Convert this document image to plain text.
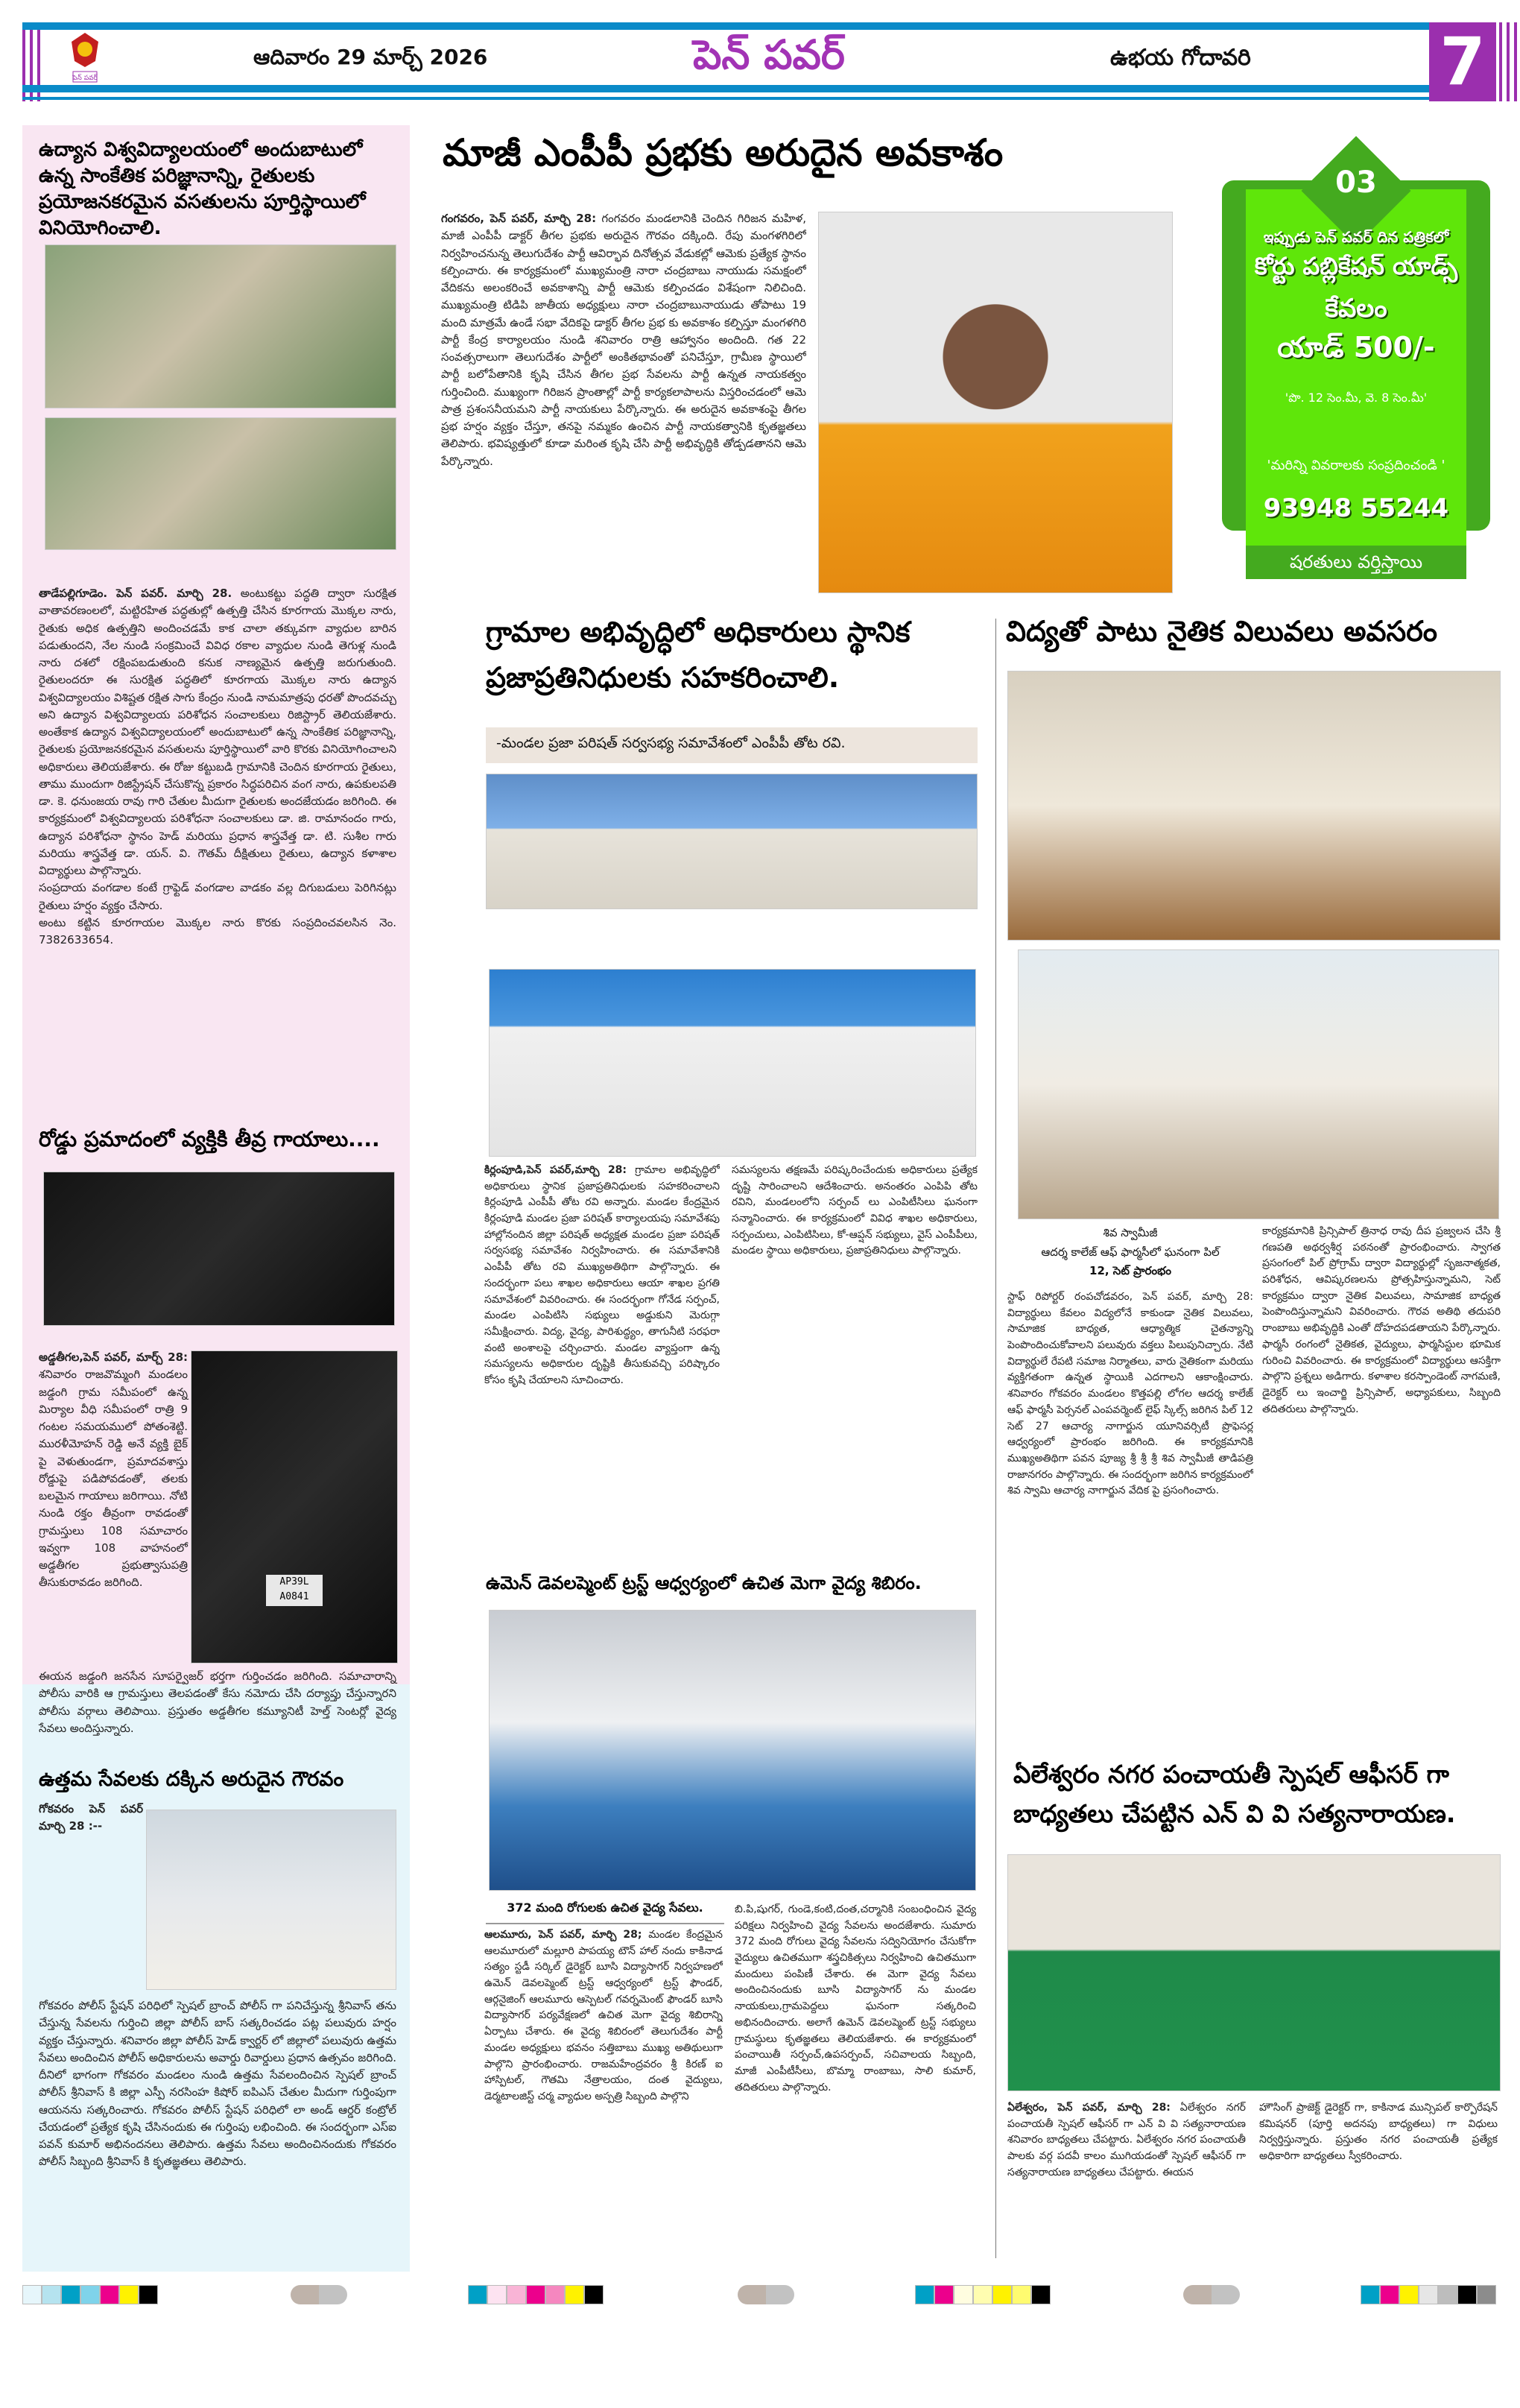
పెన్ పవర్
ఆదివారం 29 మార్చ్ 2026	పెన్ పవర్	ఉభయ గోదావరి	7
ఉద్యాన విశ్వవిద్యాలయంలో అందుబాటులో ఉన్న సాంకేతిక పరిజ్ఞానాన్ని, రైతులకు ప్రయోజనకరమైన వసతులను పూర్తిస్థాయిలో వినియోగించాలి.
తాడేపల్లిగూడెం. పెన్ పవర్. మార్చి 28. అంటుకట్టు పద్ధతి ద్వారా సురక్షిత వాతావరణంలలో, మట్టిరహిత పద్ధతుల్లో ఉత్పత్తి చేసిన కూరగాయ మొక్కల నారు, రైతుకు అధిక ఉత్పత్తిని అందించడమే కాక చాలా తక్కువగా వ్యాధుల బారిన పడుతుందని, నేల నుండి సంక్రమించే వివిధ రకాల వ్యాధుల నుండి తెగుళ్ల నుండి నారు దశలో రక్షింపబడుతుంది కనుక నాణ్యమైన ఉత్పత్తి జరుగుతుంది. రైతులందరూ ఈ సురక్షిత పద్ధతిలో కూరగాయ మొక్కల నారు ఉద్యాన విశ్వవిద్యాలయం విశిష్టత రక్షిత సాగు కేంద్రం నుండి నామమాత్రపు ధరతో పొందవచ్చు అని ఉద్యాన విశ్వవిద్యాలయ పరిశోధన సంచాలకులు రిజిస్ట్రార్ తెలియజేశారు. అంతేకాక ఉద్యాన విశ్వవిద్యాలయంలో అందుబాటులో ఉన్న సాంకేతిక పరిజ్ఞానాన్ని, రైతులకు ప్రయోజనకరమైన వసతులను పూర్తిస్థాయిలో వారి కొరకు వినియోగించాలని అధికారులు తెలియజేశారు. ఈ రోజు కట్టుబడి గ్రామానికి చెందిన కూరగాయ రైతులు, తాము ముందుగా రిజిస్ట్రేషన్ చేసుకొన్న ప్రకారం సిద్ధపరిచిన వంగ నారు, ఉపకులపతి డా. కె. ధనుంజయ రావు గారి చేతుల మీదుగా రైతులకు అందజేయడం జరిగింది. ఈ కార్యక్రమంలో విశ్వవిద్యాలయ పరిశోధనా సంచాలకులు డా. జి. రామానందం గారు, ఉద్యాన పరిశోధనా స్థానం హెడ్ మరియు ప్రధాన శాస్త్రవేత్త డా. టి. సుశీల గారు మరియు శాస్త్రవేత్త డా. యన్. వి. గౌతమ్ దీక్షితులు రైతులు, ఉద్యాన కళాశాల విద్యార్థులు పాల్గొన్నారు.
సంప్రదాయ వంగడాల కంటే గ్రాఫ్టెడ్ వంగడాల వాడకం వల్ల దిగుబడులు పెరిగినట్లు రైతులు హర్షం వ్యక్తం చేసారు.
అంటు కట్టిన కూరగాయల మొక్కల నారు కొరకు సంప్రదించవలసిన నెం. 7382633654.
రోడ్డు ప్రమాదంలో వ్యక్తికి తీవ్ర గాయాలు....
అడ్డతీగల,పెన్ పవర్, మార్చ్ 28: శనివారం రాజవొమ్మంగి మండలం జడ్డంగి గ్రామ సమీపంలో ఉన్న మిర్యాల వీధి సమీపంలో రాత్రి 9 గంటల సమయములో పోతంశెట్టి. మురళీమోహన్ రెడ్డి అనే వ్యక్తి బైక్ పై వెళుతుండగా, ప్రమాదవశాస్తు రోడ్డుపై పడిపోవడంతో, తలకు బలమైన గాయాలు జరిగాయి. నోటి నుండి రక్తం తీవ్రంగా రావడంతో గ్రామస్తులు 108 సమాచారం ఇవ్వగా 108 వాహనంలో అడ్డతీగల ప్రభుత్వాసుపత్రి తీసుకురావడం జరిగింది.	AP39L A0841
ఈయన జడ్డంగి జనసేన సూపర్వైజర్ భర్తగా గుర్తించడం జరిగింది. సమాచారాన్ని పోలీసు వారికి ఆ గ్రామస్తులు తెలపడంతో కేసు నమోదు చేసి దర్యాప్తు చేస్తున్నారని పోలీసు వర్గాలు తెలిపాయి. ప్రస్తుతం అడ్డతీగల కమ్యూనిటీ హెల్త్ సెంటర్లో వైద్య సేవలు అందిస్తున్నారు.
ఉత్తమ సేవలకు దక్కిన అరుదైన గౌరవం
గోకవరం పెన్ పవర్ మార్చి 28 :--
గోకవరం పోలీస్ స్టేషన్ పరిధిలో స్పెషల్ బ్రాంచ్ పోలీస్ గా పనిచేస్తున్న శ్రీనివాస్ తను చేస్తున్న సేవలను గుర్తించి జిల్లా పోలీస్ బాస్ సత్కరించడం పట్ల పలువురు హర్షం వ్యక్తం చేస్తున్నారు. శనివారం జిల్లా పోలీస్ హెడ్ క్వార్టర్ లో జిల్లాలో పలువురు ఉత్తమ సేవలు అందించిన పోలీస్ అధికారులను అవార్డు రివార్డులు ప్రధాన ఉత్సవం జరిగింది. దీనిలో భాగంగా గోకవరం మండలం నుండి ఉత్తమ సేవలందించిన స్పెషల్ బ్రాంచ్ పోలీస్ శ్రీనివాస్ కి జిల్లా ఎస్పీ నరసింహ కిషోర్ ఐపిఎస్ చేతుల మీదుగా గుర్తింపుగా ఆయనను సత్కరించారు. గోకవరం పోలీస్ స్టేషన్ పరిధిలో లా అండ్ ఆర్డర్ కంట్రోల్ చేయడంలో ప్రత్యేక కృషి చేసినందుకు ఈ గుర్తింపు లభించింది. ఈ సందర్భంగా ఎస్ఐ పవన్ కుమార్ అభినందనలు తెలిపారు. ఉత్తమ సేవలు అందించినందుకు గోకవరం పోలీస్ సిబ్బంది శ్రీనివాస్ కి కృతజ్ఞతలు తెలిపారు.
మాజీ ఎంపీపీ ప్రభకు అరుదైన అవకాశం
గంగవరం, పెన్ పవర్, మార్చి 28: గంగవరం మండలానికి చెందిన గిరిజన మహిళ, మాజీ ఎంపీపీ డాక్టర్ తీగల ప్రభకు అరుదైన గౌరవం దక్కింది. రేపు మంగళగిరిలో నిర్వహించనున్న తెలుగుదేశం పార్టీ ఆవిర్భావ దినోత్సవ వేడుకల్లో ఆమెకు ప్రత్యేక స్థానం కల్పించారు. ఈ కార్యక్రమంలో ముఖ్యమంత్రి నారా చంద్రబాబు నాయుడు సమక్షంలో వేదికను అలంకరించే అవకాశాన్ని పార్టీ ఆమెకు కల్పించడం విశేషంగా నిలిచింది. ముఖ్యమంత్రి టిడిపి జాతీయ అధ్యక్షులు నారా చంద్రబాబునాయుడు తోపాటు 19 మంది మాత్రమే ఉండే సభా వేదికపై డాక్టర్ తీగల ప్రభ కు అవకాశం కల్పిస్తూ మంగళగిరి పార్టీ కేంద్ర కార్యాలయం నుండి శనివారం రాత్రి ఆహ్వానం అందింది. గత 22 సంవత్సరాలుగా తెలుగుదేశం పార్టీలో అంకితభావంతో పనిచేస్తూ, గ్రామీణ స్థాయిలో పార్టీ బలోపేతానికి కృషి చేసిన తీగల ప్రభ సేవలను పార్టీ ఉన్నత నాయకత్వం గుర్తించింది. ముఖ్యంగా గిరిజన ప్రాంతాల్లో పార్టీ కార్యకలాపాలను విస్తరించడంలో ఆమె పాత్ర ప్రశంసనీయమని పార్టీ నాయకులు పేర్కొన్నారు. ఈ అరుదైన అవకాశంపై తీగల ప్రభ హర్షం వ్యక్తం చేస్తూ, తనపై నమ్మకం ఉంచిన పార్టీ నాయకత్వానికి కృతజ్ఞతలు తెలిపారు. భవిష్యత్తులో కూడా మరింత కృషి చేసి పార్టీ అభివృద్ధికి తోడ్పడతానని ఆమె పేర్కొన్నారు.
03
ఇప్పుడు పెన్ పవర్ దిన పత్రికలో
కోర్టు పబ్లికేషన్ యాడ్స్
కేవలం
యాడ్ 500/-
'పొ. 12 సెం.మీ, వె. 8 సెం.మీ'
'మరిన్ని వివరాలకు సంప్రదించండి '
93948 55244
షరతులు వర్తిస్తాయి
గ్రామాల అభివృద్ధిలో అధికారులు స్థానిక ప్రజాప్రతినిధులకు సహకరించాలి.
-మండల ప్రజా పరిషత్ సర్వసభ్య సమావేశంలో ఎంపీపీ తోట రవి.
కిర్లంపూడి,పెన్ పవర్,మార్చి 28: గ్రామాల అభివృద్ధిలో అధికారులు స్థానిక ప్రజాప్రతినిధులకు సహకరించాలని కిర్లంపూడి ఎంపీపీ తోట రవి అన్నారు. మండల కేంద్రమైన కిర్లంపూడి మండల ప్రజా పరిషత్ కార్యాలయపు సమావేశపు హాల్లోనందిన జిల్లా పరిషత్ అధ్యక్షత మండల ప్రజా పరిషత్ సర్వసభ్య సమావేశం నిర్వహించారు. ఈ సమావేశానికి ఎంపీపీ తోట రవి ముఖ్యఅతిథిగా పాల్గొన్నారు. ఈ సందర్భంగా పలు శాఖల అధికారులు ఆయా శాఖల ప్రగతి సమావేశంలో వివరించారు. ఈ సందర్భంగా గోనేడ సర్పంచ్, మండల ఎంపిటిసి సభ్యులు అడ్డుకుని మెరుగ్గా సమీక్షించారు. విద్య, వైద్య, పారిశుద్ధ్యం, తాగునీటి సరఫరా వంటి అంశాలపై చర్చించారు. మండల వ్యాప్తంగా ఉన్న సమస్యలను అధికారుల దృష్టికి తీసుకువచ్చి పరిష్కారం కోసం కృషి చేయాలని సూచించారు.
సమస్యలను తక్షణమే పరిష్కరించేందుకు అధికారులు ప్రత్యేక దృష్టి సారించాలని ఆదేశించారు. అనంతరం ఎంపిపి తోట రవిని, మండలంలోని సర్పంచ్ లు ఎంపిటీసిలు ఘనంగా సన్మానించారు. ఈ కార్యక్రమంలో వివిధ శాఖల అధికారులు, సర్పంచులు, ఎంపిటిసిలు, కో-ఆప్షన్ సభ్యులు, వైస్ ఎంపీపీలు, మండల స్థాయి అధికారులు, ప్రజాప్రతినిధులు పాల్గొన్నారు.
ఉమెన్ డెవలప్మెంట్ ట్రస్ట్ ఆధ్వర్యంలో ఉచిత మెగా వైద్య శిబిరం.
372 మంది రోగులకు ఉచిత వైద్య సేవలు.
ఆలమూరు, పెన్ పవర్, మార్చి 28; మండల కేంద్రమైన ఆలమూరులో మల్లూరి పాపయ్య టౌన్ హాల్ నందు కాకినాడ సత్యం స్టడీ సర్కిల్ డైరెక్టర్ బూసి విద్యాసాగర్ నిర్వహణలో ఉమెన్ డెవలప్మెంట్ ట్రస్ట్ ఆధ్వర్యంలో ట్రస్ట్ ఫౌండర్, ఆర్గనైజింగ్ ఆలమూరు ఆస్పెటల్ గవర్నమెంట్ ఫౌండర్ బూసి విద్యాసాగర్ పర్యవేక్షణలో ఉచిత మెగా వైద్య శిబిరాన్ని ఏర్పాటు చేశారు. ఈ వైద్య శిబిరంలో తెలుగుదేశం పార్టీ మండల అధ్యక్షులు భవనం సత్తిబాబు ముఖ్య అతిథులుగా పాల్గొని ప్రారంభించారు. రాజమహేంద్రవరం శ్రీ కిరణ్ ఐ హాస్పిటల్, గౌతమి నేత్రాలయం, దంత వైద్యులు, డెర్మటాలజిస్ట్ చర్మ వ్యాధుల అస్పత్రి సిబ్బంది పాల్గొని
బి.పి,షుగర్, గుండె,కంటి,దంత,చర్మానికి సంబంధించిన వైద్య పరిక్షలు నిర్వహించి వైద్య సేవలను అందజేశారు. సుమారు 372 మంది రోగులు వైద్య సేవలను సద్వినియోగం చేసుకోగా వైద్యులు ఉచితముగా శస్త్రచికిత్సలు నిర్వహించి ఉచితముగా మందులు పంపిణీ చేశారు. ఈ మెగా వైద్య సేవలు అందించినందుకు బూసి విద్యాసాగర్ ను మండల నాయకులు,గ్రామపెద్దలు ఘనంగా సత్కరించి అభినందించారు. అలాగే ఉమెన్ డెవలప్మెంట్ ట్రస్ట్ సభ్యులు గ్రామస్థులు కృతజ్ఞతలు తెలియజేశారు. ఈ కార్యక్రమంలో పంచాయితీ సర్పంచ్,ఉపసర్పంచ్, సచివాలయ సిబ్బంది, మాజీ ఎంపీటీసీలు, బొమ్మా రాంబాబు, సాలి కుమార్, తదితరులు పాల్గొన్నారు.
విద్యతో పాటు నైతిక విలువలు అవసరం
శివ స్వామీజీ
ఆదర్శ కాలేజ్ ఆఫ్ ఫార్మసీలో ఘనంగా పిల్
12, సెట్ ప్రారంభం
స్టాఫ్ రిపోర్టర్ రంపచోడవరం, పెన్ పవర్, మార్చి 28: విద్యార్థులు కేవలం విద్యలోనే కాకుండా నైతిక విలువలు, సామాజిక బాధ్యత, ఆధ్యాత్మిక చైతన్యాన్ని పెంపొందించుకోవాలని పలువురు వక్తలు పిలుపునిచ్చారు. నేటి విద్యార్థులే రేపటి సమాజ నిర్మాతలు, వారు నైతికంగా మరియు వ్యక్తిగతంగా ఉన్నత స్థాయికి ఎదగాలని ఆకాంక్షించారు. శనివారం గోకవరం మండలం కొత్తపల్లి లోగల ఆదర్శ కాలేజ్ ఆఫ్ ఫార్మసీ పెర్సనల్ ఎంపవర్మెంట్ లైఫ్ స్కిల్స్ జరిగిన పిల్ 12 సెట్ 27 ఆచార్య నాగార్జున యూనివర్సిటీ ప్రొఫెసర్ల ఆధ్వర్యంలో ప్రారంభం జరిగింది. ఈ కార్యక్రమానికి ముఖ్యఅతిథిగా పవన పూజ్య శ్రీ శ్రీ శ్రీ శివ స్వామీజీ తాడిపత్రి రాజానగరం పాల్గొన్నారు. ఈ సందర్భంగా జరిగిన కార్యక్రమంలో శివ స్వామి ఆచార్య నాగార్జున వేదిక పై ప్రసంగించారు.
కార్యక్రమానికి ప్రిన్సిపాల్ త్రినాధ రావు దీప ప్రజ్వలన చేసి శ్రీ గణపతి అథర్వశీర్ష పఠనంతో ప్రారంభించారు. స్వాగత ప్రసంగంలో పిల్ ప్రోగ్రామ్ ద్వారా విద్యార్థుల్లో సృజనాత్మకత, పరిశోధన, ఆవిష్కరణలను ప్రోత్సహిస్తున్నామని, సెట్ కార్యక్రమం ద్వారా నైతిక విలువలు, సామాజిక బాధ్యత పెంపొందిస్తున్నామని వివరించారు. గౌరవ అతిథి తదుపరి రాంబాబు అభివృద్ధికి ఎంతో దోహదపడతాయని పేర్కొన్నారు. ఫార్మసీ రంగంలో నైతికత, వైద్యులు, ఫార్మసిస్టుల భూమిక గురించి వివరించారు. ఈ కార్యక్రమంలో విద్యార్థులు ఆసక్తిగా పాల్గొని ప్రశ్నలు అడిగారు. కళాశాల కరస్పాండెంట్ నాగమణి, డైరెక్టర్ లు ఇంచార్జి ప్రిన్సిపాల్, అధ్యాపకులు, సిబ్బంది తదితరులు పాల్గొన్నారు.
ఏలేశ్వరం నగర పంచాయతీ స్పెషల్ ఆఫీసర్ గా బాధ్యతలు చేపట్టిన ఎన్ వి వి సత్యనారాయణ.
ఏలేశ్వరం, పెన్ పవర్, మార్చి 28: ఏలేశ్వరం నగర్ పంచాయతీ స్పెషల్ ఆఫీసర్ గా ఎన్ వి వి సత్యనారాయణ శనివారం బాధ్యతలు చేపట్టారు. ఏలేశ్వరం నగర పంచాయతీ పాలకు వర్గ పదవీ కాలం ముగియడంతో స్పెషల్ ఆఫీసర్ గా సత్యనారాయణ బాధ్యతలు చేపట్టారు. ఈయన
హౌసింగ్ ప్రాజెక్ట్ డైరెక్టర్ గా, కాకినాడ మున్సిపల్ కార్పొరేషన్ కమిషనర్ (పూర్తి అదనపు బాధ్యతలు) గా విధులు నిర్వర్తిస్తున్నారు. ప్రస్తుతం నగర పంచాయతీ ప్రత్యేక అధికారిగా బాధ్యతలు స్వీకరించారు.
